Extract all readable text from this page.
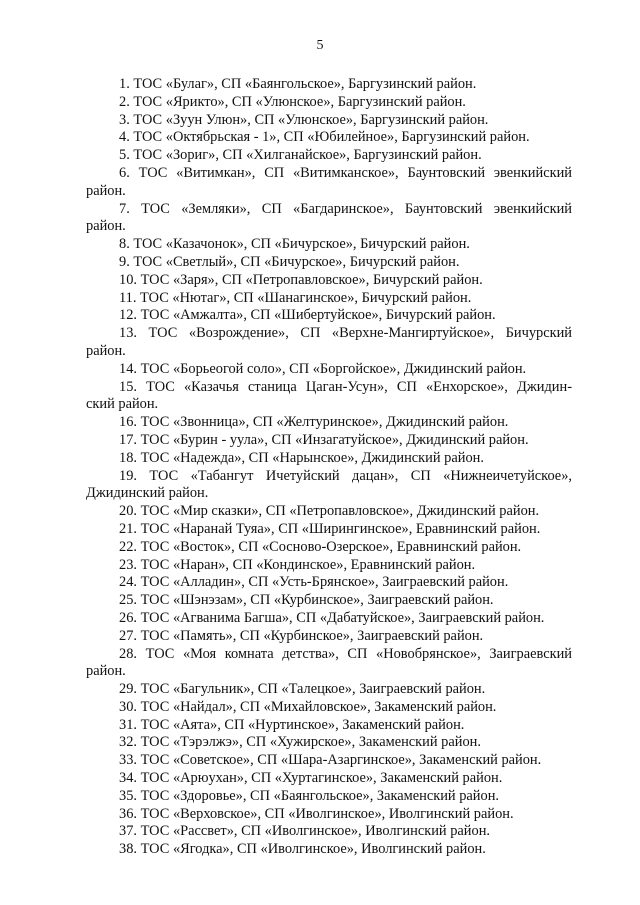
5
1. ТОС «Булаг», СП «Баянгольское», Баргузинский район.
2. ТОС «Ярикто», СП «Улюнское», Баргузинский район.
3. ТОС «Зуун Улюн», СП «Улюнское», Баргузинский район.
4. ТОС «Октябрьская - 1», СП «Юбилейное», Баргузинский район.
5. ТОС «Зориг», СП «Хилганайское», Баргузинский район.
6. ТОС «Витимкан», СП «Витимканское», Баунтовский эвенкийский
район.
7. ТОС «Земляки», СП «Багдаринское», Баунтовский эвенкийский
район.
8. ТОС «Казачонок», СП «Бичурское», Бичурский район.
9. ТОС «Светлый», СП «Бичурское», Бичурский район.
10. ТОС «Заря», СП «Петропавловское», Бичурский район.
11. ТОС «Нютаг», СП «Шанагинское», Бичурский район.
12. ТОС «Амжалта», СП «Шибертуйское», Бичурский район.
13. ТОС «Возрождение», СП «Верхне-Мангиртуйское», Бичурский
район.
14. ТОС «Борьеогой соло», СП «Боргойское», Джидинский район.
15. ТОС «Казачья станица Цаган-Усун», СП «Енхорское», Джидин-
ский район.
16. ТОС «Звонница», СП «Желтуринское», Джидинский район.
17. ТОС «Бурин - уула», СП «Инзагатуйское», Джидинский район.
18. ТОС «Надежда», СП «Нарынское», Джидинский район.
19. ТОС «Табангут Ичетуйский дацан», СП «Нижнеичетуйское»,
Джидинский район.
20. ТОС «Мир сказки», СП «Петропавловское», Джидинский район.
21. ТОС «Наранай Туяа», СП «Ширингинское», Еравнинский район.
22. ТОС «Восток», СП «Сосново-Озерское», Еравнинский район.
23. ТОС «Наран», СП «Кондинское», Еравнинский район.
24. ТОС «Алладин», СП «Усть-Брянское», Заиграевский район.
25. ТОС «Шэнэзам», СП «Курбинское», Заиграевский район.
26. ТОС «Агванима Багша», СП «Дабатуйское», Заиграевский район.
27. ТОС «Память», СП «Курбинское», Заиграевский район.
28. ТОС «Моя комната детства», СП «Новобрянское», Заиграевский
район.
29. ТОС «Багульник», СП «Талецкое», Заиграевский район.
30. ТОС «Найдал», СП «Михайловское», Закаменский район.
31. ТОС «Аята», СП «Нуртинское», Закаменский район.
32. ТОС «Тэрэлжэ», СП «Хужирское», Закаменский район.
33. ТОС «Советское», СП «Шара-Азаргинское», Закаменский район.
34. ТОС «Арюухан», СП «Хуртагинское», Закаменский район.
35. ТОС «Здоровье», СП «Баянгольское», Закаменский район.
36. ТОС «Верховское», СП «Иволгинское», Иволгинский район.
37. ТОС «Рассвет», СП «Иволгинское», Иволгинский район.
38. ТОС «Ягодка», СП «Иволгинское», Иволгинский район.
